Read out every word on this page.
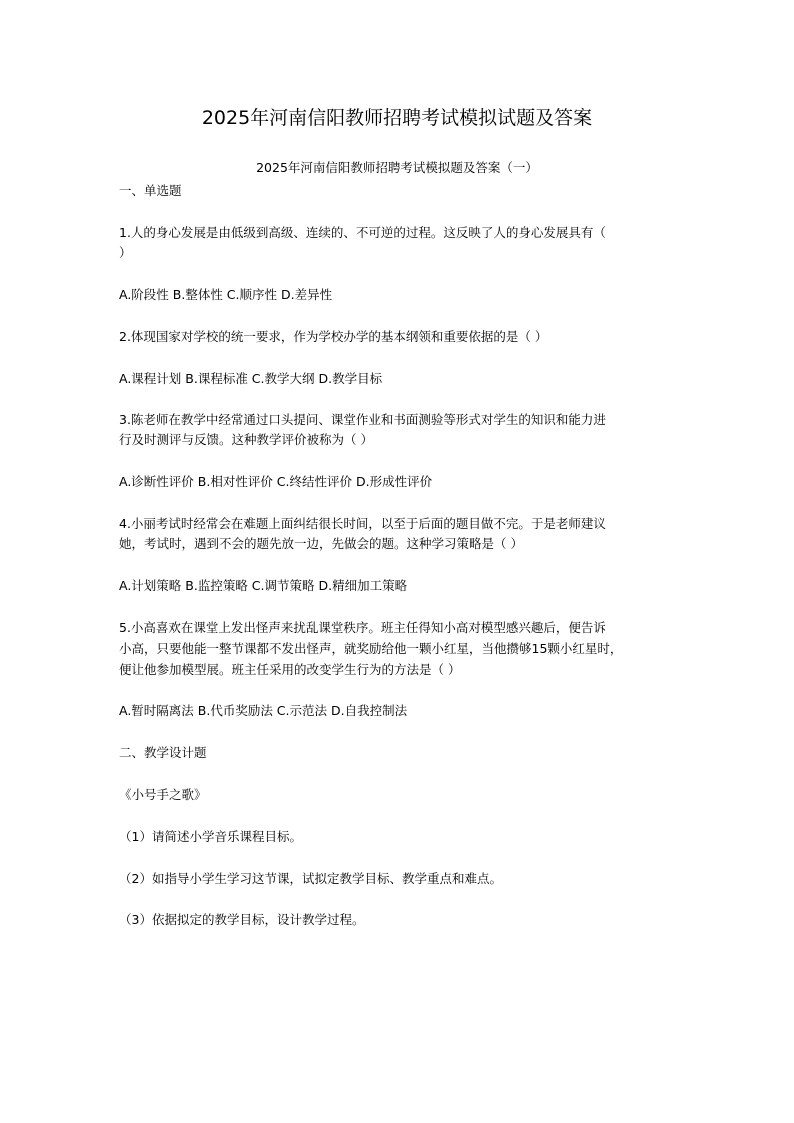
2025年河南信阳教师招聘考试模拟试题及答案
2025年河南信阳教师招聘考试模拟题及答案（一）

一、单选题

1.人的身心发展是由低级到高级、连续的、不可逆的过程。这反映了人的身心发展具有（

）

A.阶段性 B.整体性 C.顺序性 D.差异性

2.体现国家对学校的统一要求，作为学校办学的基本纲领和重要依据的是（ ）

A.课程计划 B.课程标准 C.教学大纲 D.教学目标

3.陈老师在教学中经常通过口头提问、课堂作业和书面测验等形式对学生的知识和能力进

行及时测评与反馈。这种教学评价被称为（ ）

A.诊断性评价 B.相对性评价 C.终结性评价 D.形成性评价

4.小丽考试时经常会在难题上面纠结很长时间，以至于后面的题目做不完。于是老师建议

她，考试时，遇到不会的题先放一边，先做会的题。这种学习策略是（ ）

A.计划策略 B.监控策略 C.调节策略 D.精细加工策略

5.小高喜欢在课堂上发出怪声来扰乱课堂秩序。班主任得知小高对模型感兴趣后，便告诉

小高，只要他能一整节课都不发出怪声，就奖励给他一颗小红星，当他攒够15颗小红星时，

便让他参加模型展。班主任采用的改变学生行为的方法是（ ）

A.暂时隔离法 B.代币奖励法 C.示范法 D.自我控制法

二、教学设计题

《小号手之歌》

（1）请简述小学音乐课程目标。

（2）如指导小学生学习这节课，试拟定教学目标、教学重点和难点。

（3）依据拟定的教学目标，设计教学过程。
